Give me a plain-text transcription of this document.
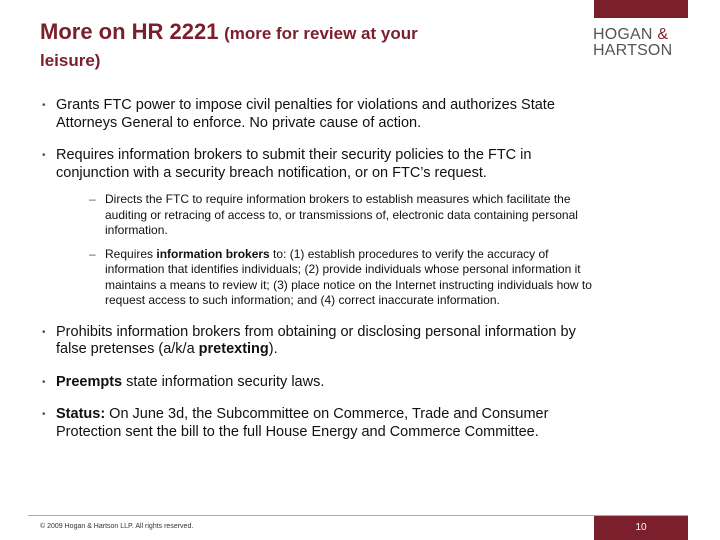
More on HR 2221 (more for review at your
leisure)
HOGAN &
HARTSON
• Grants FTC power to impose civil penalties for violations and authorizes State Attorneys General to enforce. No private cause of action.
• Requires information brokers to submit their security policies to the FTC in conjunction with a security breach notification, or on FTC’s request.
– Directs the FTC to require information brokers to establish measures which facilitate the auditing or retracing of access to, or transmissions of, electronic data containing personal information.
– Requires information brokers to: (1) establish procedures to verify the accuracy of information that identifies individuals; (2) provide individuals whose personal information it maintains a means to review it; (3) place notice on the Internet instructing individuals how to request access to such information; and (4) correct inaccurate information.
• Prohibits information brokers from obtaining or disclosing personal information by false pretenses (a/k/a pretexting).
• Preempts state information security laws.
• Status: On June 3d, the Subcommittee on Commerce, Trade and Consumer Protection sent the bill to the full House Energy and Commerce Committee.
© 2009 Hogan & Hartson LLP. All rights reserved.	10
